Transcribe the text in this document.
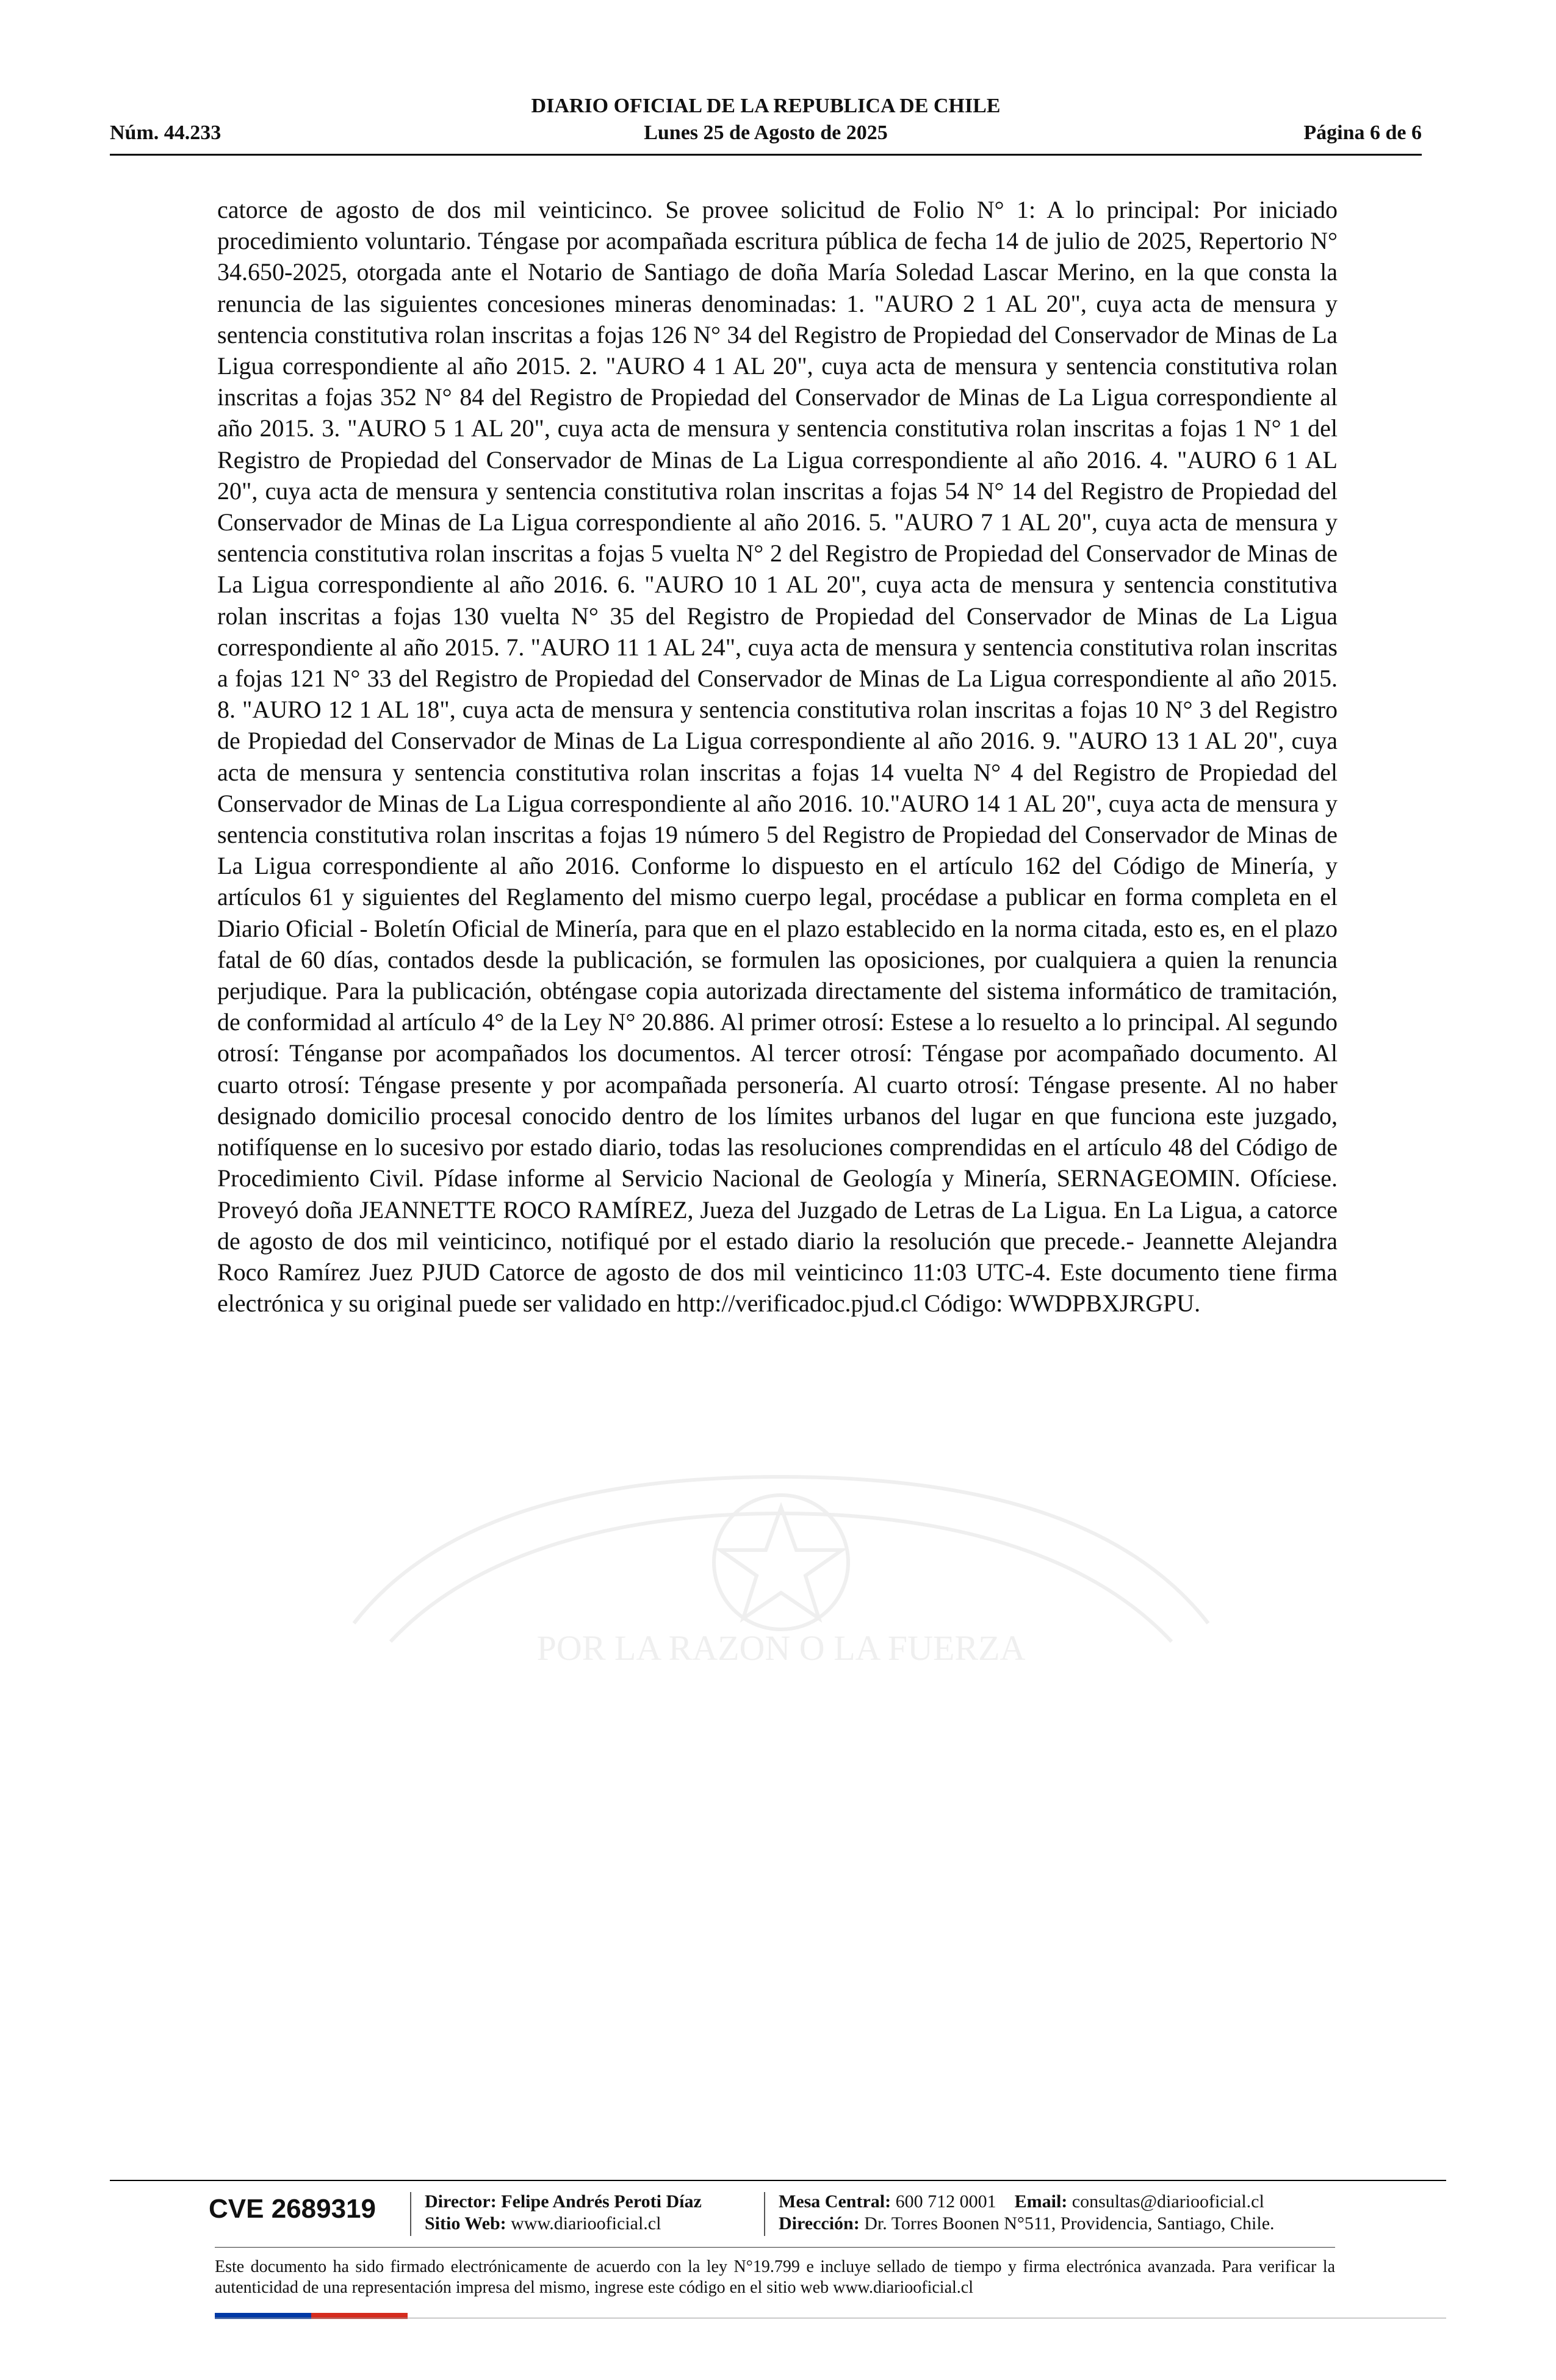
DIARIO OFICIAL DE LA REPUBLICA DE CHILE
Lunes 25 de Agosto de 2025
Núm. 44.233	Página 6 de 6
POR LA RAZON O LA FUERZA

catorce de agosto de dos mil veinticinco. Se provee solicitud de Folio N° 1: A lo principal: Por iniciado procedimiento voluntario. Téngase por acompañada escritura pública de fecha 14 de julio de 2025, Repertorio N° 34.650-2025, otorgada ante el Notario de Santiago de doña María Soledad Lascar Merino, en la que consta la renuncia de las siguientes concesiones mineras denominadas: 1. "AURO 2 1 AL 20", cuya acta de mensura y sentencia constitutiva rolan inscritas a fojas 126 N° 34 del Registro de Propiedad del Conservador de Minas de La Ligua correspondiente al año 2015. 2. "AURO 4 1 AL 20", cuya acta de mensura y sentencia constitutiva rolan inscritas a fojas 352 N° 84 del Registro de Propiedad del Conservador de Minas de La Ligua correspondiente al año 2015. 3. "AURO 5 1 AL 20", cuya acta de mensura y sentencia constitutiva rolan inscritas a fojas 1 N° 1 del Registro de Propiedad del Conservador de Minas de La Ligua correspondiente al año 2016. 4. "AURO 6 1 AL 20", cuya acta de mensura y sentencia constitutiva rolan inscritas a fojas 54 N° 14 del Registro de Propiedad del Conservador de Minas de La Ligua correspondiente al año 2016. 5. "AURO 7 1 AL 20", cuya acta de mensura y sentencia constitutiva rolan inscritas a fojas 5 vuelta N° 2 del Registro de Propiedad del Conservador de Minas de La Ligua correspondiente al año 2016. 6. "AURO 10 1 AL 20", cuya acta de mensura y sentencia constitutiva rolan inscritas a fojas 130 vuelta N° 35 del Registro de Propiedad del Conservador de Minas de La Ligua correspondiente al año 2015. 7. "AURO 11 1 AL 24", cuya acta de mensura y sentencia constitutiva rolan inscritas a fojas 121 N° 33 del Registro de Propiedad del Conservador de Minas de La Ligua correspondiente al año 2015. 8. "AURO 12 1 AL 18", cuya acta de mensura y sentencia constitutiva rolan inscritas a fojas 10 N° 3 del Registro de Propiedad del Conservador de Minas de La Ligua correspondiente al año 2016. 9. "AURO 13 1 AL 20", cuya acta de mensura y sentencia constitutiva rolan inscritas a fojas 14 vuelta N° 4 del Registro de Propiedad del Conservador de Minas de La Ligua correspondiente al año 2016. 10."AURO 14 1 AL 20", cuya acta de mensura y sentencia constitutiva rolan inscritas a fojas 19 número 5 del Registro de Propiedad del Conservador de Minas de La Ligua correspondiente al año 2016. Conforme lo dispuesto en el artículo 162 del Código de Minería, y artículos 61 y siguientes del Reglamento del mismo cuerpo legal, procédase a publicar en forma completa en el Diario Oficial - Boletín Oficial de Minería, para que en el plazo establecido en la norma citada, esto es, en el plazo fatal de 60 días, contados desde la publicación, se formulen las oposiciones, por cualquiera a quien la renuncia perjudique. Para la publicación, obténgase copia autorizada directamente del sistema informático de tramitación, de conformidad al artículo 4° de la Ley N° 20.886. Al primer otrosí: Estese a lo resuelto a lo principal. Al segundo otrosí: Ténganse por acompañados los documentos. Al tercer otrosí: Téngase por acompañado documento. Al cuarto otrosí: Téngase presente y por acompañada personería. Al cuarto otrosí: Téngase presente. Al no haber designado domicilio procesal conocido dentro de los límites urbanos del lugar en que funciona este juzgado, notifíquense en lo sucesivo por estado diario, todas las resoluciones comprendidas en el artículo 48 del Código de Procedimiento Civil. Pídase informe al Servicio Nacional de Geología y Minería, SERNAGEOMIN. Ofíciese. Proveyó doña JEANNETTE ROCO RAMÍREZ, Jueza del Juzgado de Letras de La Ligua. En La Ligua, a catorce de agosto de dos mil veinticinco, notifiqué por el estado diario la resolución que precede.- Jeannette Alejandra Roco Ramírez Juez PJUD Catorce de agosto de dos mil veinticinco 11:03 UTC-4. Este documento tiene firma electrónica y su original puede ser validado en http://verificadoc.pjud.cl Código: WWDPBXJRGPU.

CVE 2689319	Director: Felipe Andrés Peroti Díaz
Sitio Web: www.diariooficial.cl
Mesa Central: 600 712 0001 Email: consultas@diariooficial.cl
Dirección: Dr. Torres Boonen N°511, Providencia, Santiago, Chile.

Este documento ha sido firmado electrónicamente de acuerdo con la ley N°19.799 e incluye sellado de tiempo y firma electrónica avanzada. Para verificar la autenticidad de una representación impresa del mismo, ingrese este código en el sitio web www.diariooficial.cl
